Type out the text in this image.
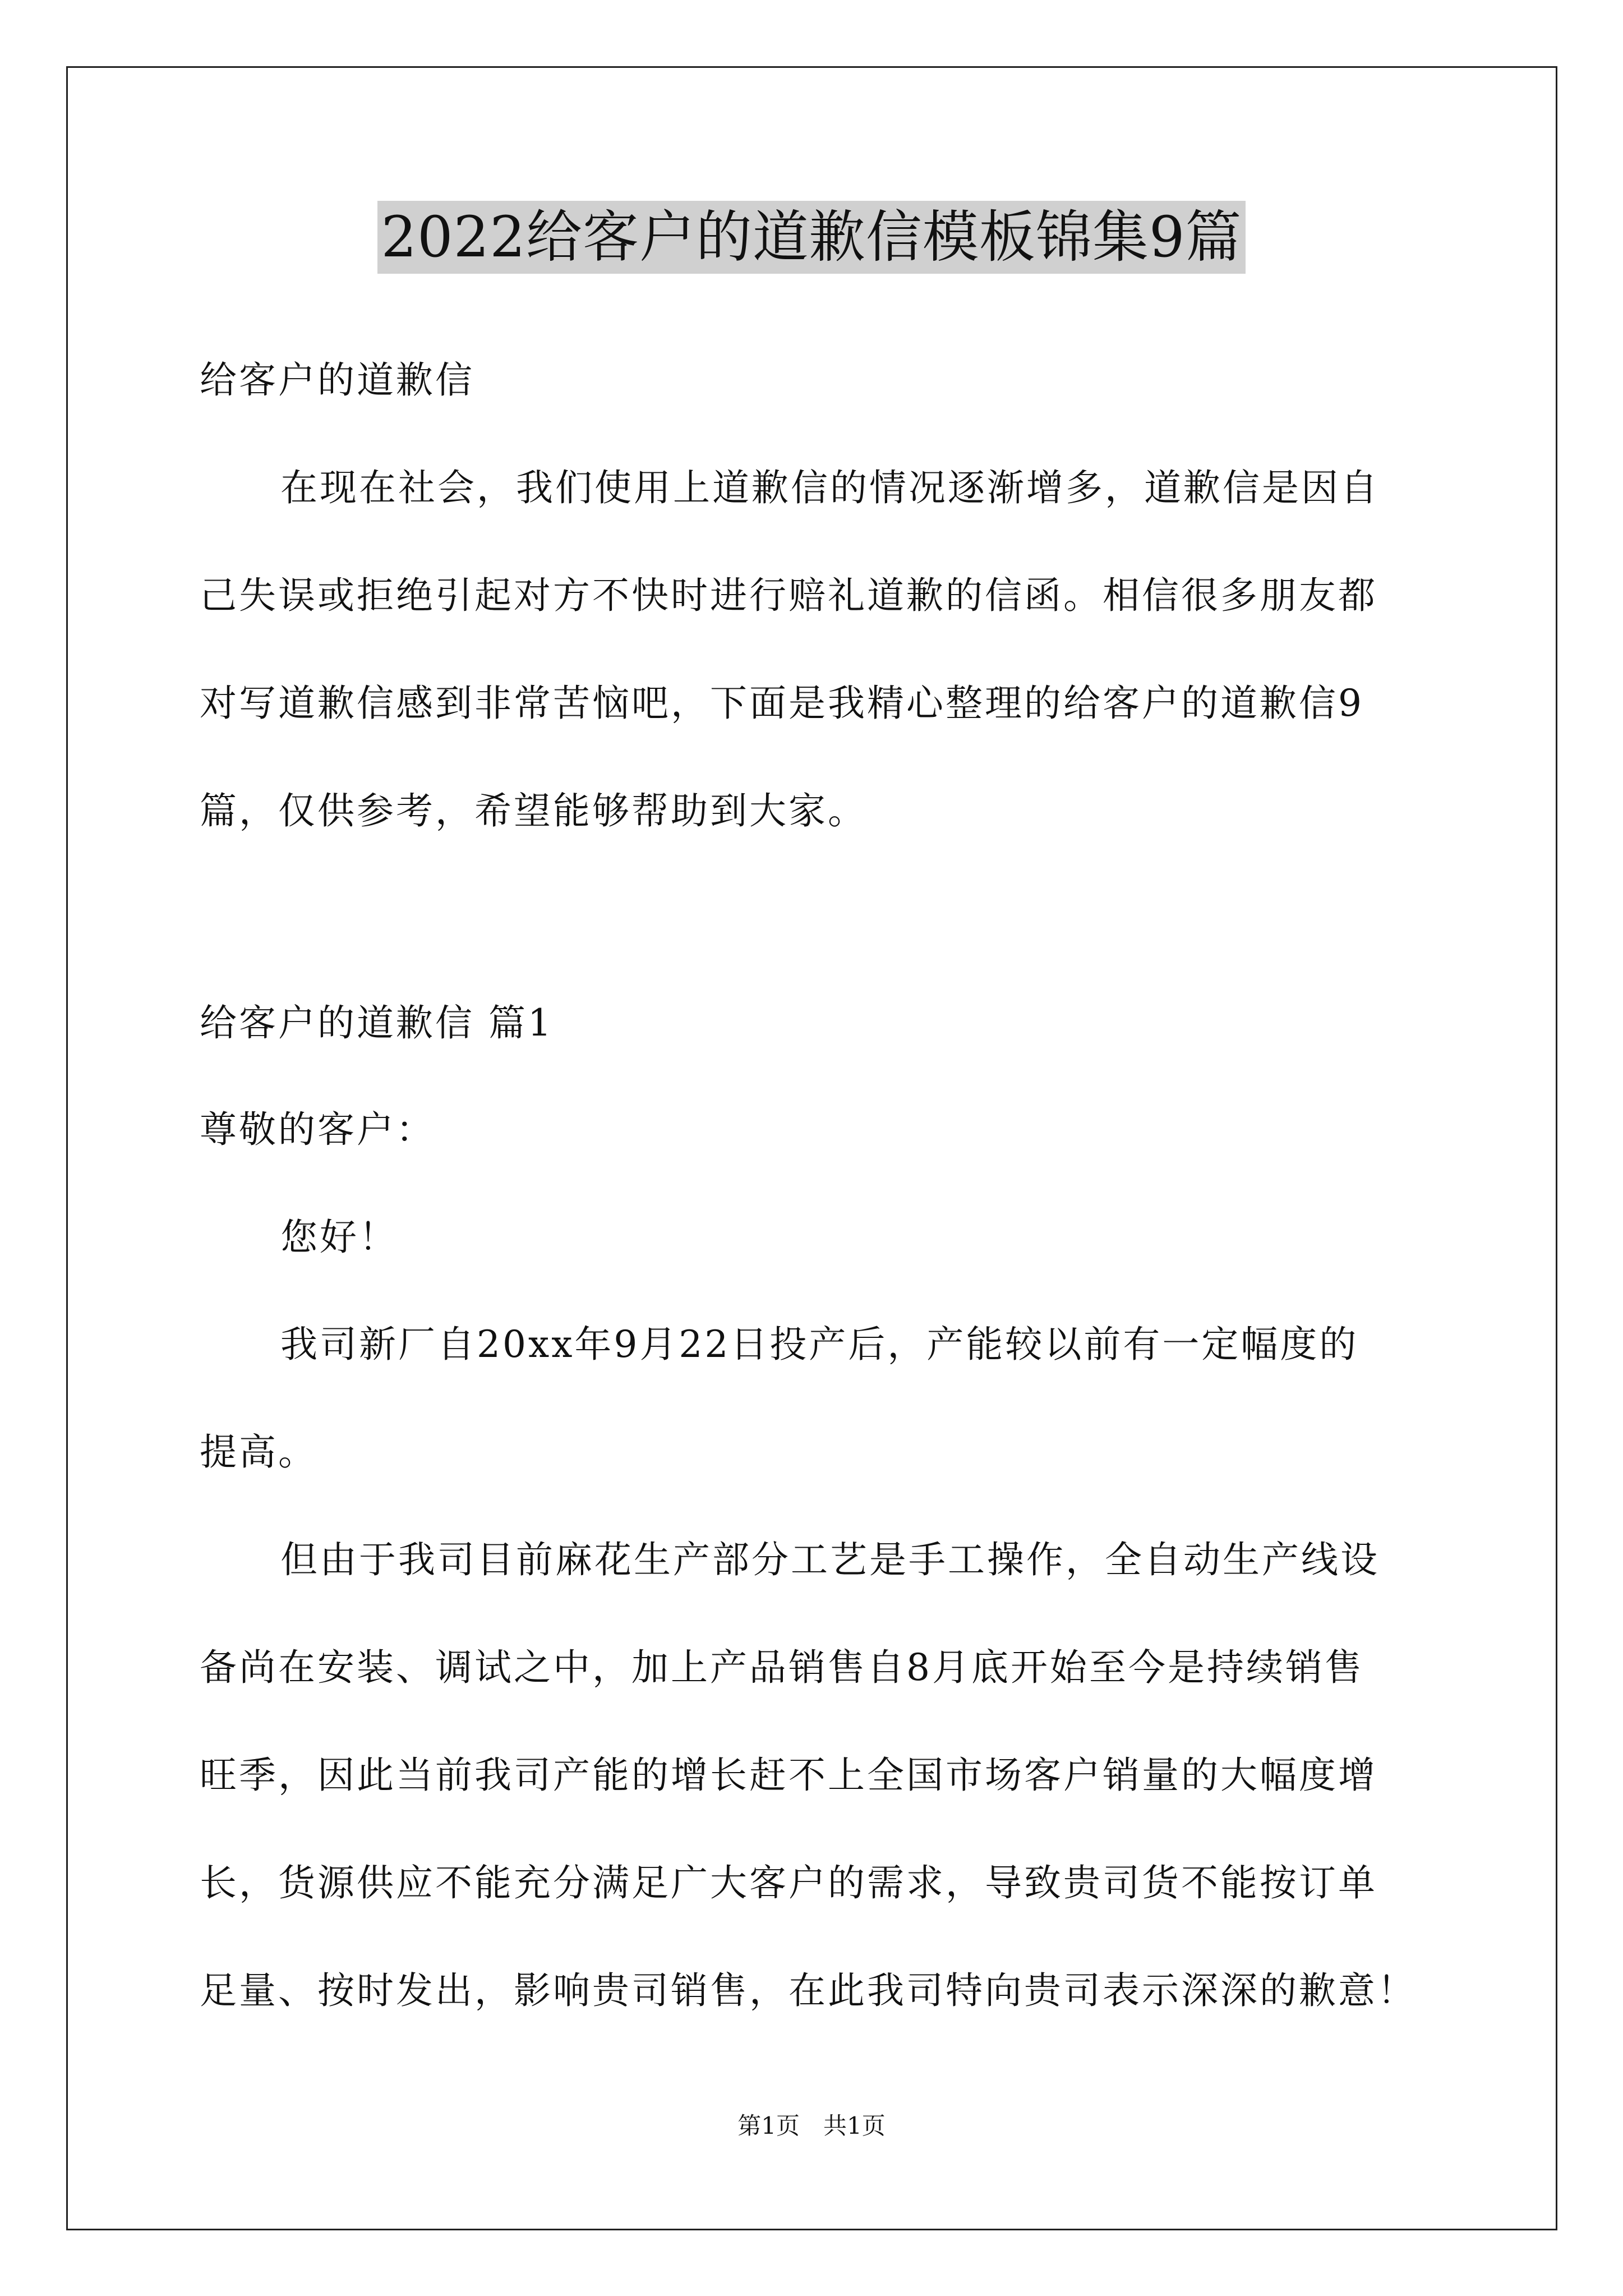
2022给客户的道歉信模板锦集9篇
给客户的道歉信
在现在社会，我们使用上道歉信的情况逐渐增多，道歉信是因自
己失误或拒绝引起对方不快时进行赔礼道歉的信函。相信很多朋友都
对写道歉信感到非常苦恼吧，下面是我精心整理的给客户的道歉信9
篇，仅供参考，希望能够帮助到大家。
给客户的道歉信 篇1
尊敬的客户：
您好！
我司新厂自20xx年9月22日投产后，产能较以前有一定幅度的
提高。
但由于我司目前麻花生产部分工艺是手工操作，全自动生产线设
备尚在安装、调试之中，加上产品销售自8月底开始至今是持续销售
旺季，因此当前我司产能的增长赶不上全国市场客户销量的大幅度增
长，货源供应不能充分满足广大客户的需求，导致贵司货不能按订单
足量、按时发出，影响贵司销售，在此我司特向贵司表示深深的歉意！
第1页　共1页
